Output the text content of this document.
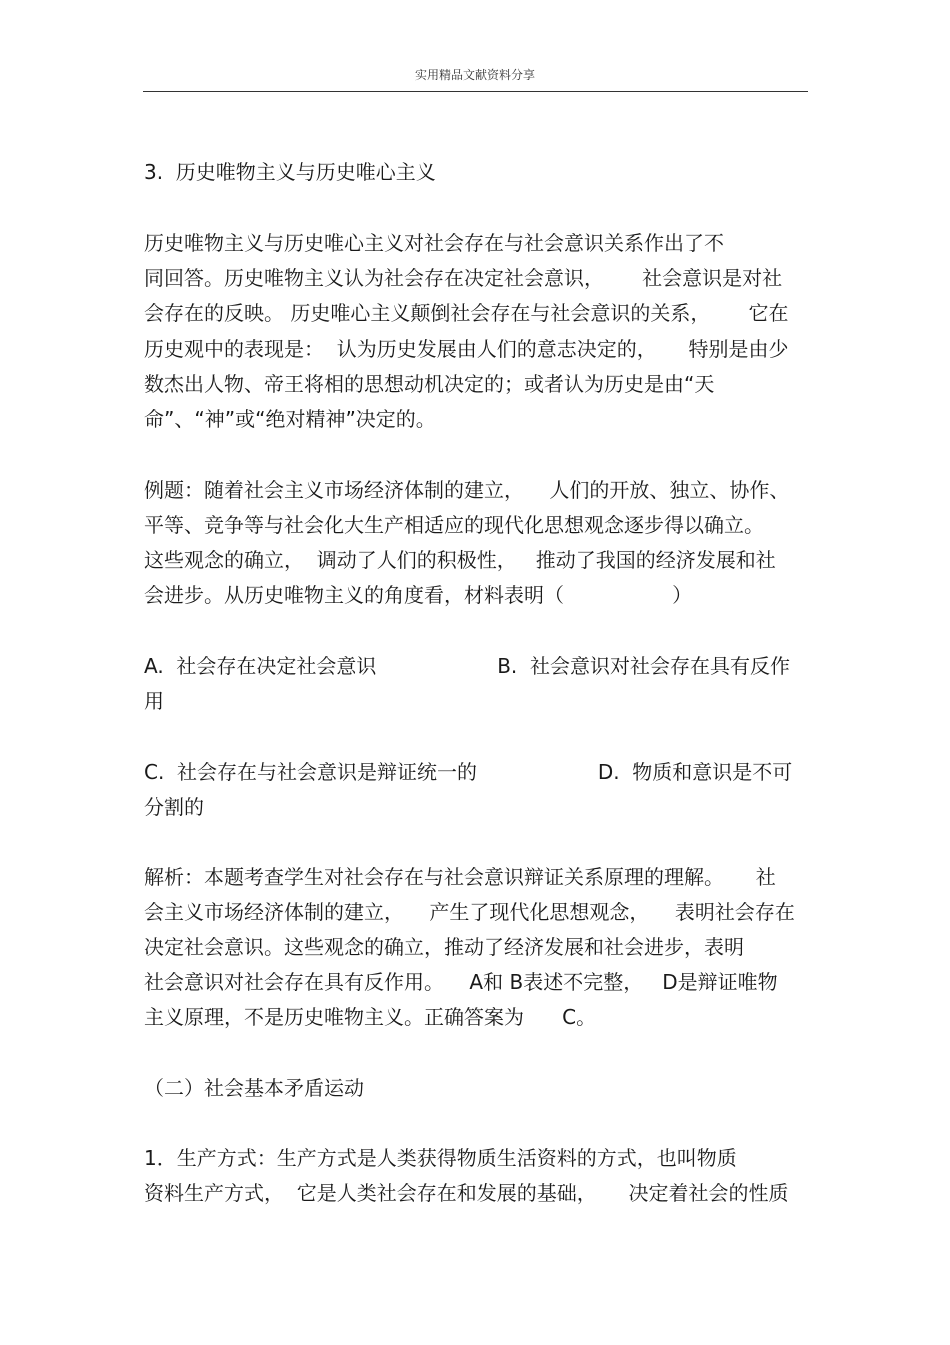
实用精品文献资料分享
3.  历史唯物主义与历史唯心主义
历史唯物主义与历史唯心主义对社会存在与社会意识关系作出了不
同回答。历史唯物主义认为社会存在决定社会意识，      社会意识是对社
会存在的反映。 历史唯心主义颠倒社会存在与社会意识的关系，      它在
历史观中的表现是：  认为历史发展由人们的意志决定的，     特别是由少
数杰出人物、帝王将相的思想动机决定的；或者认为历史是由“天
命”、“神”或“绝对精神”决定的。
例题：随着社会主义市场经济体制的建立，    人们的开放、独立、协作、
平等、竞争等与社会化大生产相适应的现代化思想观念逐步得以确立。
这些观念的确立，  调动了人们的积极性，   推动了我国的经济发展和社
会进步。从历史唯物主义的角度看，材料表明（                 ）
A.  社会存在决定社会意识                   B.  社会意识对社会存在具有反作
用
C.  社会存在与社会意识是辩证统一的                   D.  物质和意识是不可
分割的
解析：本题考查学生对社会存在与社会意识辩证关系原理的理解。     社
会主义市场经济体制的建立，    产生了现代化思想观念，    表明社会存在
决定社会意识。这些观念的确立，推动了经济发展和社会进步，表明
社会意识对社会存在具有反作用。    A和 B表述不完整，   D是辩证唯物
主义原理，不是历史唯物主义。正确答案为      C。
（二）社会基本矛盾运动
1．生产方式：生产方式是人类获得物质生活资料的方式，也叫物质
资料生产方式，  它是人类社会存在和发展的基础，     决定着社会的性质
